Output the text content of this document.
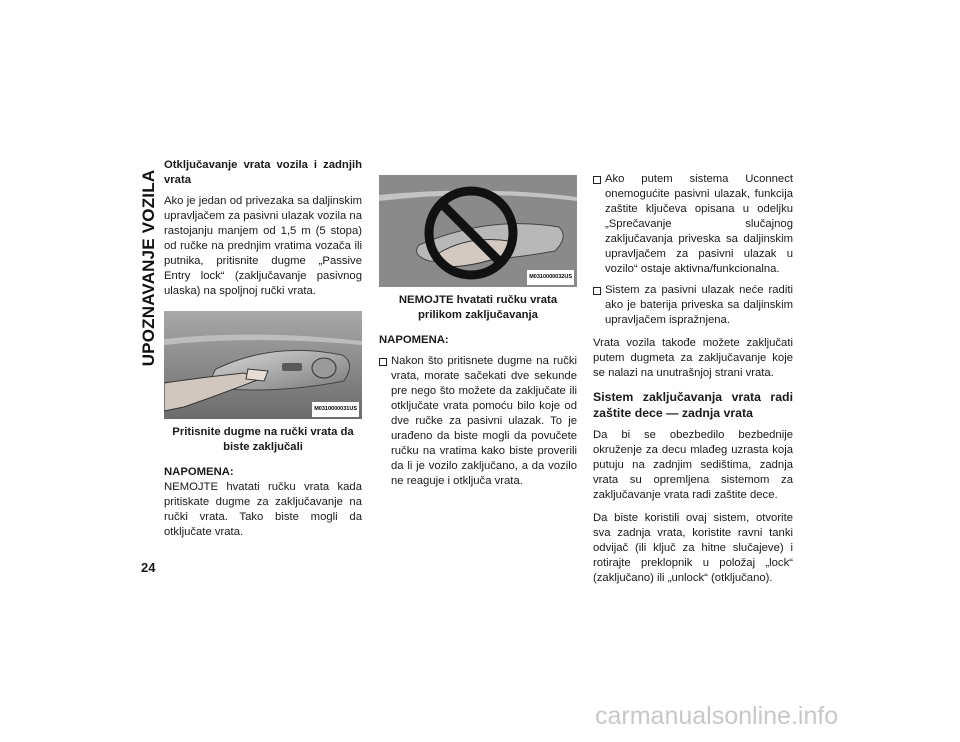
UPOZNAVANJE VOZILA
24

Otključavanje vrata vozila i zadnjih vrata

Ako je jedan od privezaka sa daljinskim upravljačem za pasivni ulazak vozila na rastojanju manjem od 1,5 m (5 stopa) od ručke na prednjim vratima vozača ili putnika, pritisnite dugme „Passive Entry lock“ (zaključavanje pasivnog ulaska) na spoljnoj ručki vrata.

M0310000031US

Pritisnite dugme na ručki vrata da biste zaključali

NAPOMENA:

NEMOJTE hvatati ručku vrata kada pritiskate dugme za zaključavanje na ručki vrata. Tako biste mogli da otključate vrata.

M0310000032US

NEMOJTE hvatati ručku vrata prilikom zaključavanja

NAPOMENA:

Nakon što pritisnete dugme na ručki vrata, morate sačekati dve sekunde pre nego što možete da zaključate ili otključate vrata pomoću bilo koje od dve ručke za pasivni ulazak. To je urađeno da biste mogli da povučete ručku na vratima kako biste proverili da li je vozilo zaključano, a da vozilo ne reaguje i otključa vrata.
Ako putem sistema Uconnect onemogućite pasivni ulazak, funkcija zaštite ključeva opisana u odeljku „Sprečavanje slučajnog zaključavanja priveska sa daljinskim upravljačem za pasivni ulazak u vozilo“ ostaje aktivna/funkcionalna.
Sistem za pasivni ulazak neće raditi ako je baterija priveska sa daljinskim upravljačem ispražnjena.

Vrata vozila takođe možete zaključati putem dugmeta za zaključavanje koje se nalazi na unutrašnjoj strani vrata.

Sistem zaključavanja vrata radi zaštite dece — zadnja vrata

Da bi se obezbedilo bezbednije okruženje za decu mlađeg uzrasta koja putuju na zadnjim sedištima, zadnja vrata su opremljena sistemom za zaključavanje vrata radi zaštite dece.

Da biste koristili ovaj sistem, otvorite sva zadnja vrata, koristite ravni tanki odvijač (ili ključ za hitne slučajeve) i rotirajte preklopnik u položaj „lock“ (zaključano) ili „unlock“ (otključano).

carmanualsonline.info
